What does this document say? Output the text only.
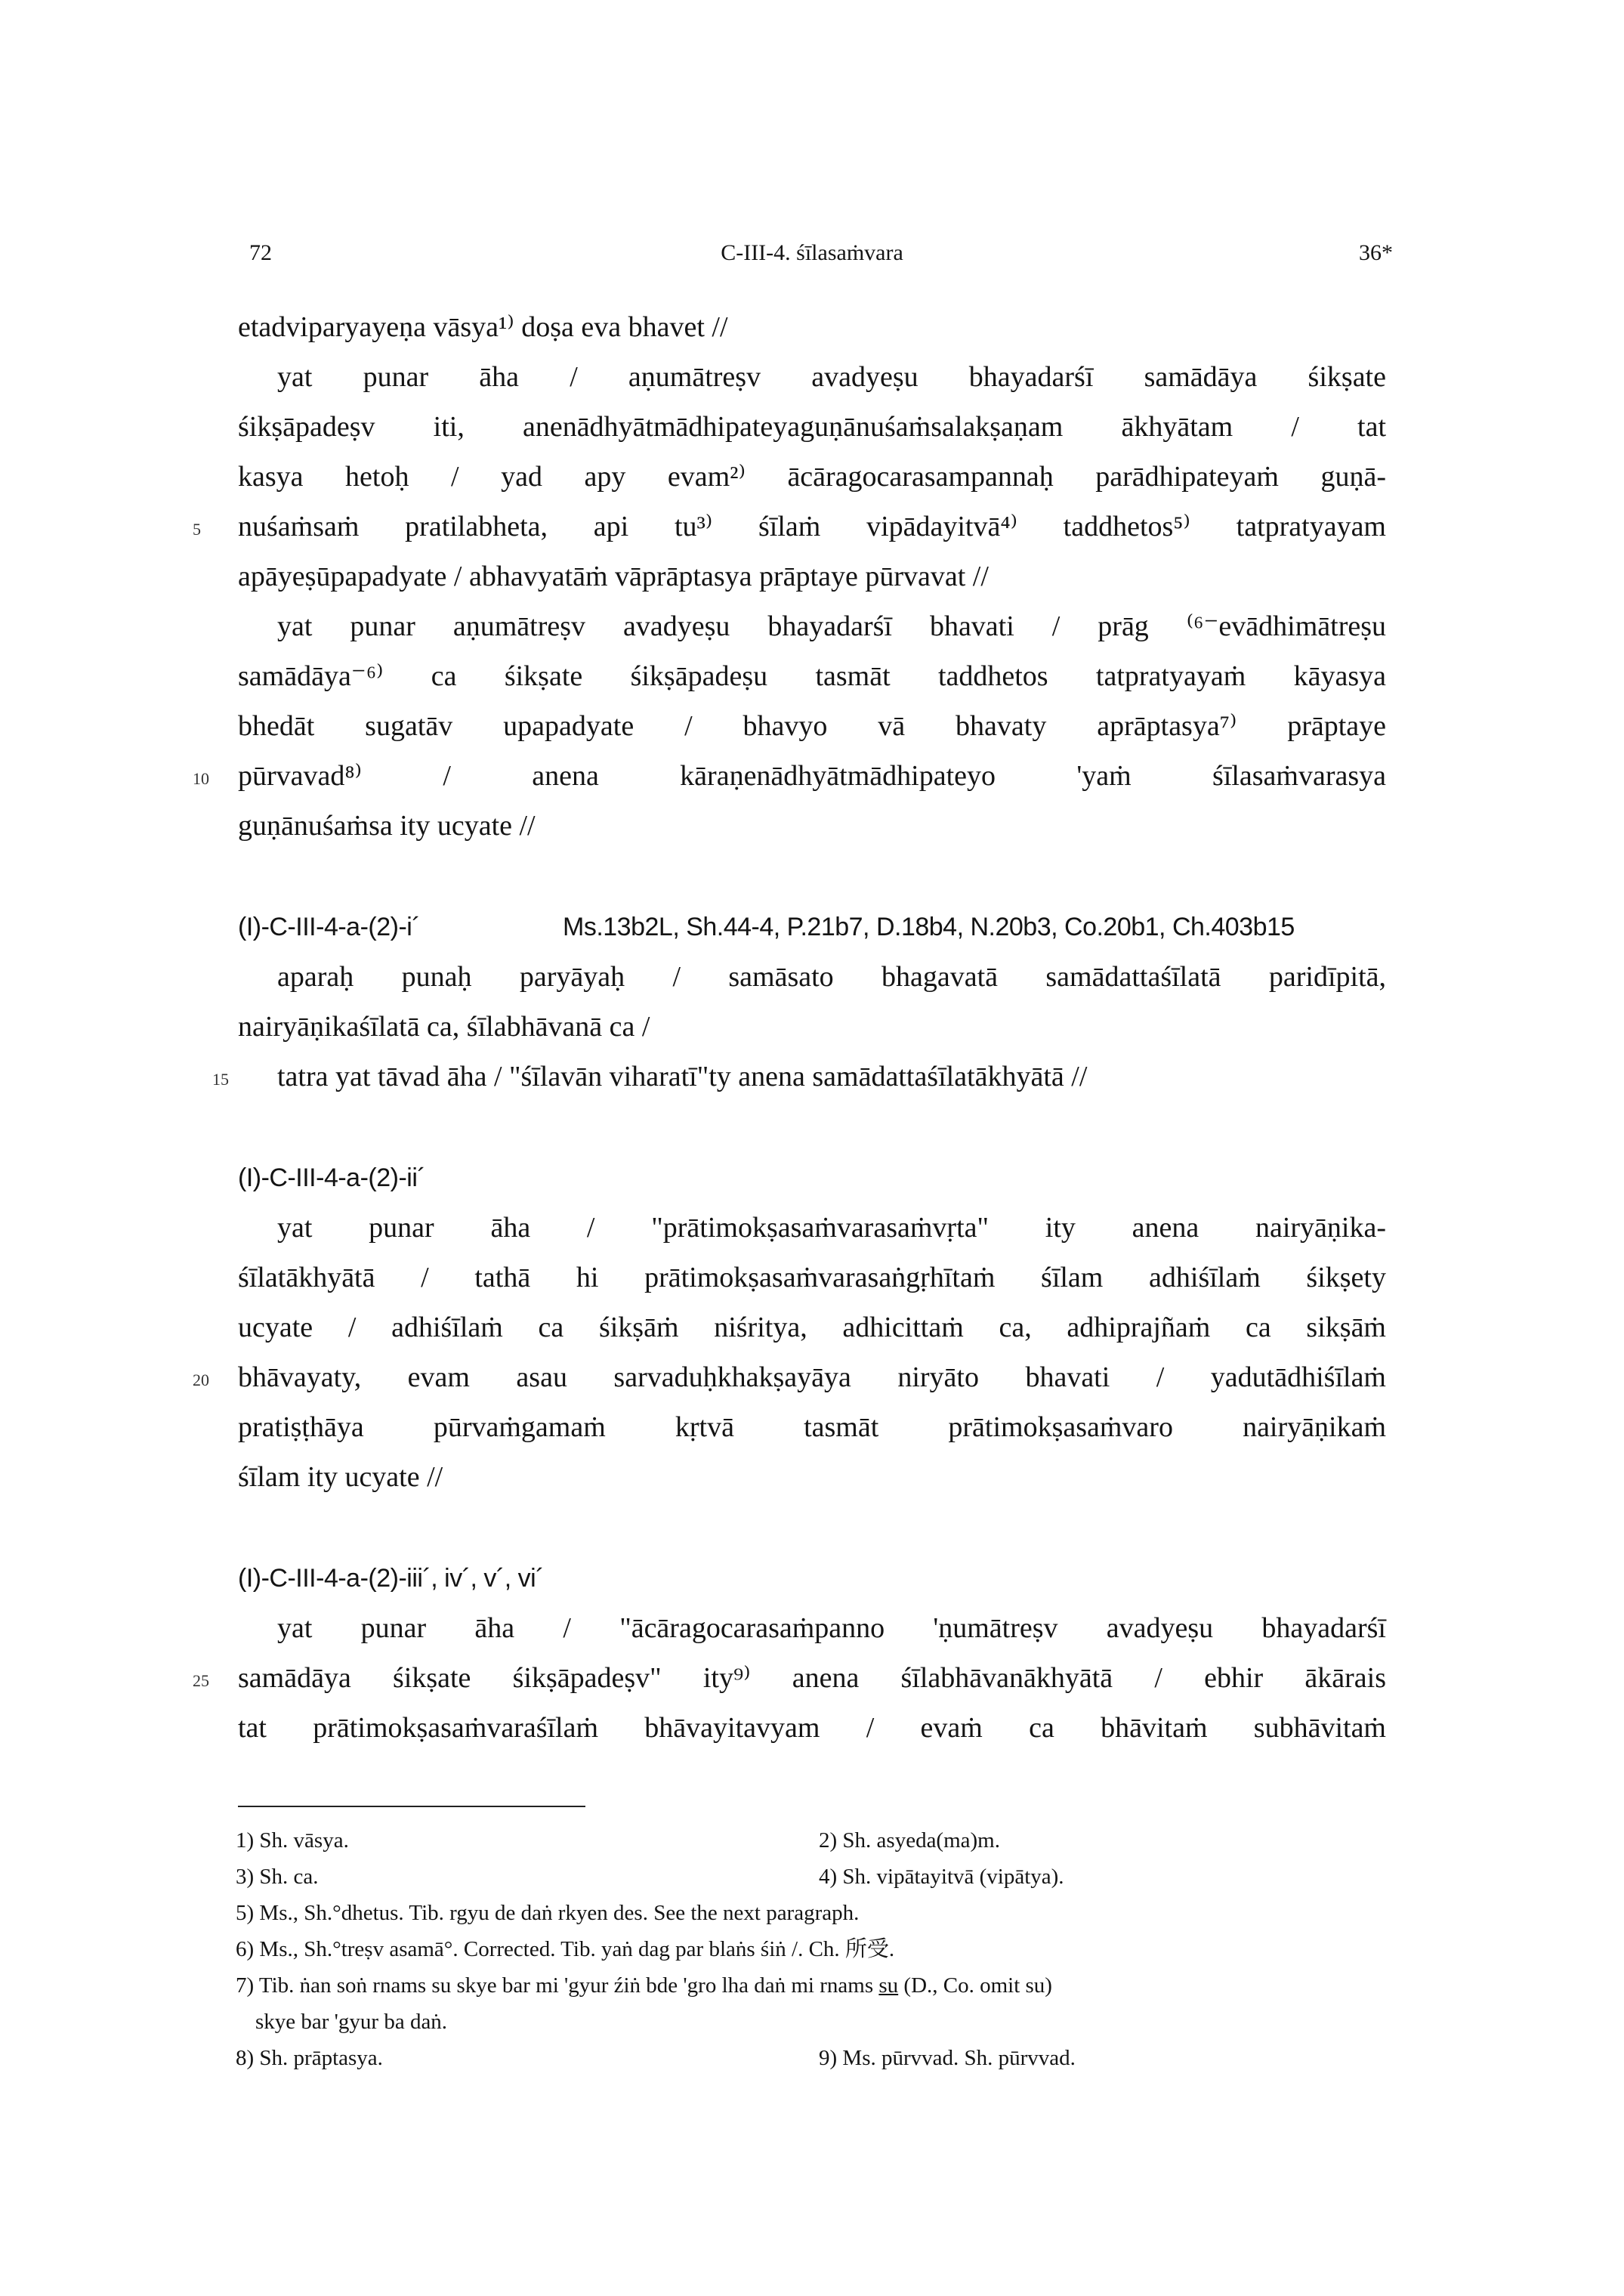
72	C-III-4. śīlasaṁvara	36*
etadviparyayeṇa vāsya¹⁾ doṣa eva bhavet //
yat punar āha / aṇumātreṣv avadyeṣu bhayadarśī samādāya śikṣate
śikṣāpadeṣv iti, anenādhyātmādhipateyaguṇānuśaṁsalakṣaṇam ākhyātam / tat
kasya hetoḥ / yad apy evam²⁾ ācāragocarasampannaḥ parādhipateyaṁ guṇā-
5	nuśaṁsaṁ pratilabheta, api tu³⁾ śīlaṁ vipādayitvā⁴⁾ taddhetos⁵⁾ tatpratyayam
apāyeṣūpapadyate / abhavyatāṁ vāprāptasya prāptaye pūrvavat //
yat punar aṇumātreṣv avadyeṣu bhayadarśī bhavati / prāg ⁽⁶⁻evādhimātreṣu
samādāya⁻⁶⁾ ca śikṣate śikṣāpadeṣu tasmāt taddhetos tatpratyayaṁ kāyasya
bhedāt sugatāv upapadyate / bhavyo vā bhavaty aprāptasya⁷⁾ prāptaye
10	pūrvavad⁸⁾ / anena kāraṇenādhyātmādhipateyo 'yaṁ śīlasaṁvarasya
guṇānuśaṁsa ity ucyate //
(I)-C-III-4-a-(2)-i´	Ms.13b2L, Sh.44-4, P.21b7, D.18b4, N.20b3, Co.20b1, Ch.403b15
aparaḥ punaḥ paryāyaḥ / samāsato bhagavatā samādattaśīlatā paridīpitā,
nairyāṇikaśīlatā ca, śīlabhāvanā ca /
15 tatra yat tāvad āha / "śīlavān viharatī"ty anena samādattaśīlatākhyātā //
(I)-C-III-4-a-(2)-ii´
yat punar āha / "prātimokṣasaṁvarasaṁvṛta" ity anena nairyāṇika-
śīlatākhyātā / tathā hi prātimokṣasaṁvarasaṅgṛhītaṁ śīlam adhiśīlaṁ śikṣety
ucyate / adhiśīlaṁ ca śikṣāṁ niśritya, adhicittaṁ ca, adhiprajñaṁ ca sikṣāṁ
20	bhāvayaty, evam asau sarvaduḥkhakṣayāya niryāto bhavati / yadutādhiśīlaṁ
pratiṣṭhāya pūrvaṁgamaṁ kṛtvā tasmāt prātimokṣasaṁvaro nairyāṇikaṁ
śīlam ity ucyate //
(I)-C-III-4-a-(2)-iii´, iv´, v´, vi´
yat punar āha / "ācāragocarasaṁpanno 'ṇumātreṣv avadyeṣu bhayadarśī
25	samādāya śikṣate śikṣāpadeṣv" ity⁹⁾ anena śīlabhāvanākhyātā / ebhir ākārais
tat prātimokṣasaṁvaraśīlaṁ bhāvayitavyam / evaṁ ca bhāvitaṁ subhāvitaṁ
1) Sh. vāsya.	2) Sh. asyeda(ma)m.
3) Sh. ca.	4) Sh. vipātayitvā (vipātya).
5) Ms., Sh.°dhetus. Tib. rgyu de daṅ rkyen des. See the next paragraph.
6) Ms., Sh.°treṣv asamā°. Corrected. Tib. yaṅ dag par blaṅs śiṅ /. Ch. 所受.
7) Tib. ṅan soṅ rnams su skye bar mi 'gyur źiṅ bde 'gro lha daṅ mi rnams su (D., Co. omit su)
skye bar 'gyur ba daṅ.
8) Sh. prāptasya.	9) Ms. pūrvvad. Sh. pūrvvad.
